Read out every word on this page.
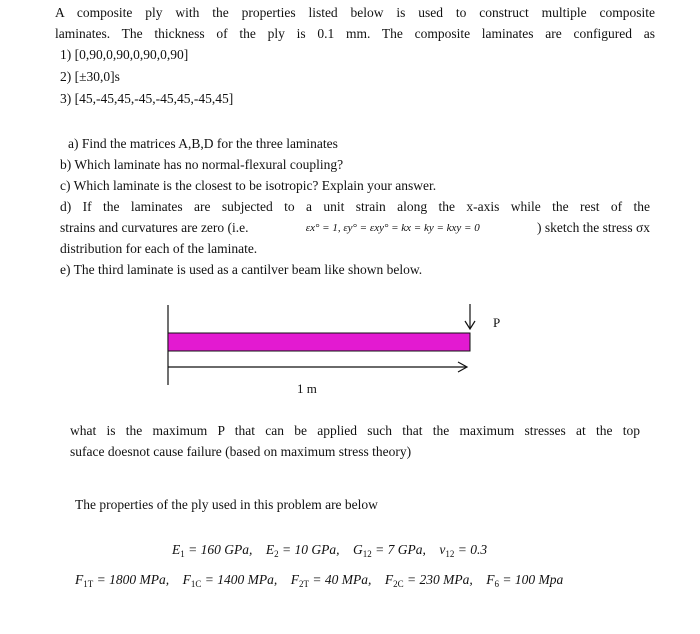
A composite ply with the properties listed below is used to construct multiple composite
laminates. The thickness of the ply is 0.1 mm. The composite laminates are configured as
1) [0,90,0,90,0,90,0,90]
2) [±30,0]s
3) [45,-45,45,-45,-45,45,-45,45]
a) Find the matrices A,B,D for the three laminates
b) Which laminate has no normal-flexural coupling?
c) Which laminate is the closest to be isotropic? Explain your answer.
d) If the laminates are subjected to a unit strain along the x-axis while the rest of the
strains and curvatures are zero (i.e.	εx° = 1, εy° = εxy° = kx = ky = kxy = 0	) sketch the stress σx
distribution for each of the laminate.
e) The third laminate is used as a cantilver beam like shown below.
P
1 m
what is the maximum P that can be applied such that the maximum stresses at the top
suface doesnot cause failure (based on maximum stress theory)
The properties of the ply used in this problem are below
$E_1 = 160$ GPa, $E_2 = 10$ GPa, $G_{12} = 7$ GPa, $v_{12} = 0.3$
$F_{1T} = 1800$ MPa, $F_{1C} = 1400$ MPa, $F_{2T} = 40$ MPa, $F_{2C} = 230$ MPa, $F_6 = 100$ Mpa
